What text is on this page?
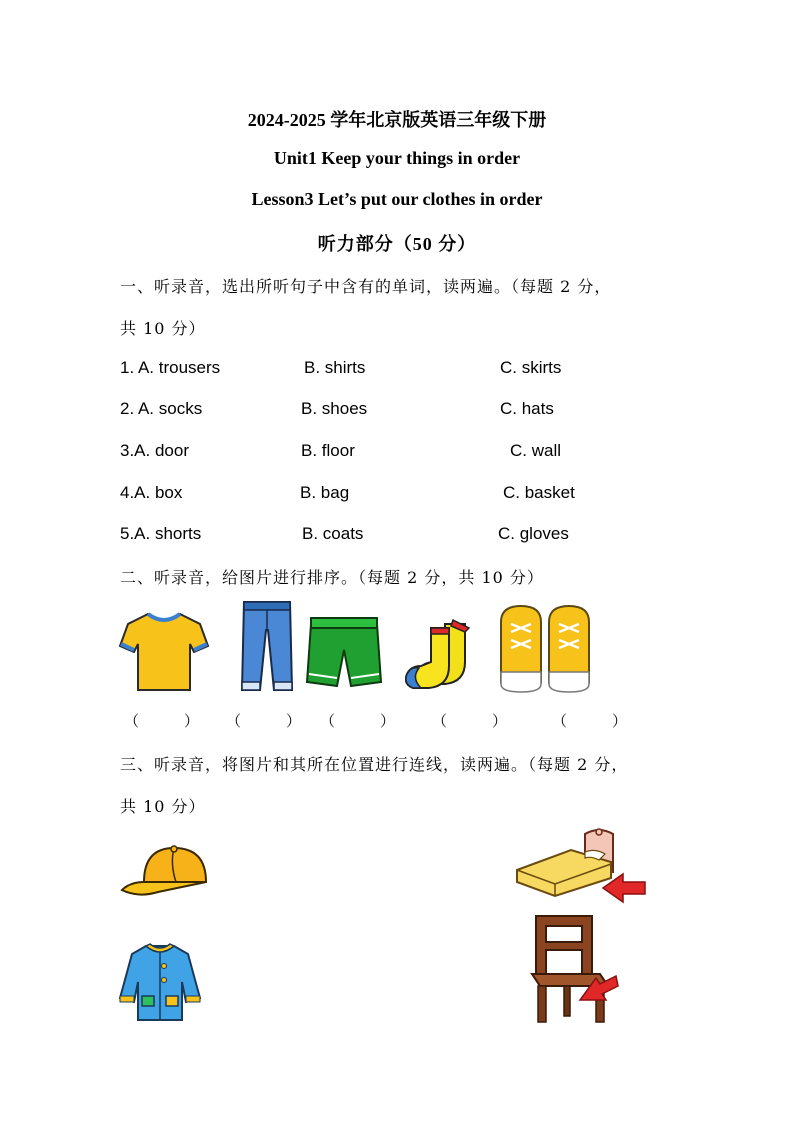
2024-2025 学年北京版英语三年级下册
Unit1 Keep your things in order
Lesson3 Let’s put our clothes in order
听力部分（50 分）
一、听录音，选出所听句子中含有的单词，读两遍。（每题 2 分，
共 10 分）
1. A. trousers	B. shirts	C. skirts
2. A. socks	B. shoes	C. hats
3.A. door	B. floor	C. wall
4.A. box	B. bag	C. basket
5.A. shorts	B. coats	C. gloves
二、听录音，给图片进行排序。（每题 2 分，共 10 分）
（　　　） （　　　） （　　　） （　　　）	（　　　）
三、听录音，将图片和其所在位置进行连线，读两遍。（每题 2 分，
共 10 分）
